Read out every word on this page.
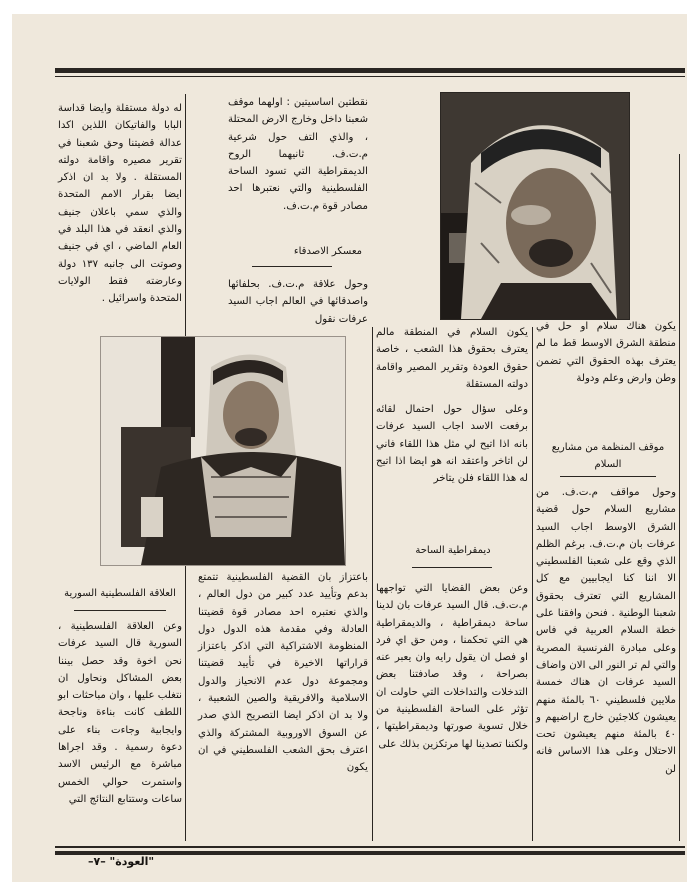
يكون هناك سلام او حل في منطقة الشرق الاوسط قط ما لم يعترف بهذه الحقوق التي تضمن وطن وارض وعلم ودولة

موقف المنظمة من مشاريع السلام

وحول مواقف م.ت.ف. من مشاريع السلام حول قضية الشرق الاوسط اجاب السيد عرفات بان م.ت.ف. برغم الظلم الذي وقع على شعبنا الفلسطيني الا اننا كنا ايجابيين مع كل المشاريع التي تعترف بحقوق شعبنا الوطنية . فنحن وافقنا على خطة السلام العربية في فاس وعلى مبادرة الفرنسية المصرية والتي لم تر النور الى الان واضاف السيد عرفات ان هناك خمسة ملايين فلسطيني ٦٠ بالمئة منهم يعيشون كلاجئين خارج اراضيهم و ٤٠ بالمئة منهم يعيشون تحت الاحتلال وعلى هذا الاساس فانه لن

يكون السلام في المنطقة مالم يعترف بحقوق هذا الشعب ، خاصة حقوق العودة وتقرير المصير واقامة دولته المستقلة

وعلى سؤال حول احتمال لقائه برفعت الاسد اجاب السيد عرفات بانه اذا اتيح لي مثل هذا اللقاء فاني لن اتاخر واعتقد انه هو ايضا اذا اتيح له هذا اللقاء فلن يتاخر

ديمقراطية الساحة

وعن بعض القضايا التي تواجهها م.ت.ف. قال السيد عرفات بان لدينا ساحة ديمقراطية ، والديمقراطية هي التي تحكمنا ، ومن حق اي فرد او فصل ان يقول رايه وان يعبر عنه بصراحة ، وقد صادفتنا بعض التدخلات والتداخلات التي حاولت ان تؤثر على الساحة الفلسطينية من خلال تسوية صورتها وديمقراطيتها ، ولكننا تصدينا لها مرتكزين بذلك على

نقطتين اساسيتين : اولهما موقف شعبنا داخل وخارج الارض المحتلة ، والذي التف حول شرعية م.ت.ف. ثانيهما الروح الديمقراطية التي تسود الساحة الفلسطينية والتي نعتبرها احد مصادر قوة م.ت.ف.

معسكر الاصدقاء

وحول علاقة م.ت.ف. بحلفائها واصدقائها في العالم اجاب السيد عرفات نقول

باعتزاز بان القضية الفلسطينية تتمتع بدعم وتأييد عدد كبير من دول العالم ، والذي نعتبره احد مصادر قوة قضيتنا العادلة وفي مقدمة هذه الدول دول المنظومة الاشتراكية التي اذكر باعتزاز قراراتها الاخيرة في تأييد قضيتنا ومجموعة دول عدم الانحياز والدول الاسلامية والافريقية والصين الشعبية ، ولا بد ان اذكر ايضا التصريح الذي صدر عن السوق الاوروبية المشتركة والذي اعترف بحق الشعب الفلسطيني في ان يكون

له دولة مستقلة وايضا قداسة البابا والفاتيكان اللذين اكدا عدالة قضيتنا وحق شعبنا في تقرير مصيره واقامة دولته المستقلة . ولا بد ان اذكر ايضا بقرار الامم المتحدة والذي سمي باعلان جنيف والذي انعقد في هذا البلد في العام الماضي ، اي في جنيف وصوتت الى جانبه ١٣٧ دولة وعارضته فقط الولايات المتحدة واسرائيل .

العلاقة الفلسطينية السورية

وعن العلاقة الفلسطينية ، السورية قال السيد عرفات نحن اخوة وقد حصل بيننا بعض المشاكل ونحاول ان نتغلب عليها ، وان مباحثات ابو اللطف كانت بناءة وناجحة وايجابية وجاءت بناء على دعوة رسمية . وقد اجراها مباشرة مع الرئيس الاسد واستمرت حوالي الخمس ساعات وستتابع النتائج التي

"العودة" –٧–
